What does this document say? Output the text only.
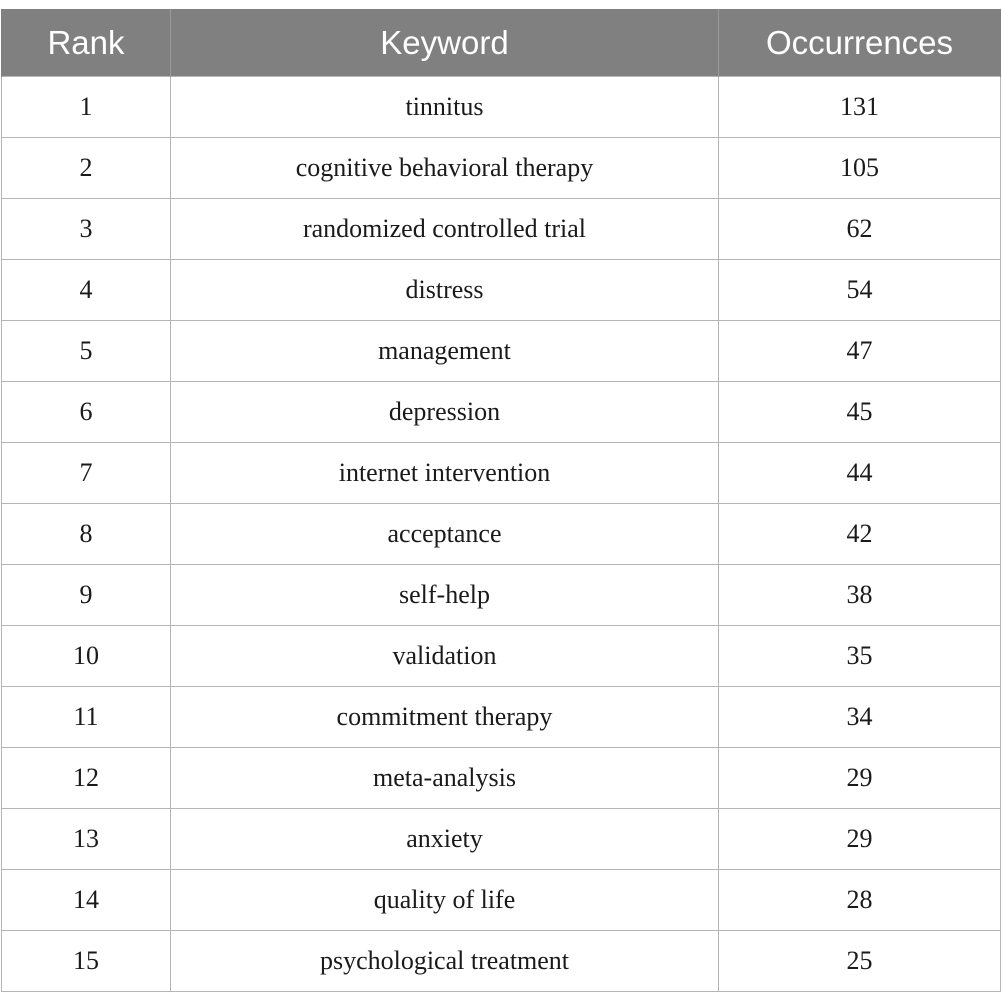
Rank	Keyword	Occurrences
1	tinnitus	131
2	cognitive behavioral therapy	105
3	randomized controlled trial	62
4	distress	54
5	management	47
6	depression	45
7	internet intervention	44
8	acceptance	42
9	self-help	38
10	validation	35
11	commitment therapy	34
12	meta-analysis	29
13	anxiety	29
14	quality of life	28
15	psychological treatment	25
